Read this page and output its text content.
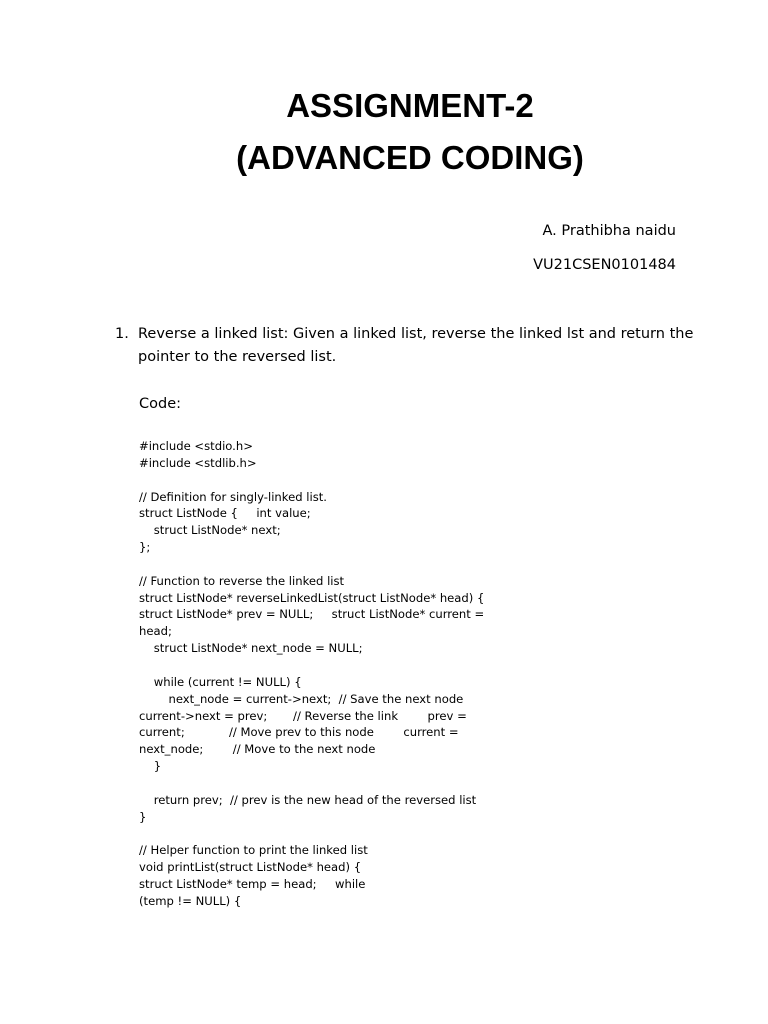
ASSIGNMENT-2
(ADVANCED CODING)
A. Prathibha naidu
VU21CSEN0101484
1. Reverse a linked list: Given a linked list, reverse the linked lst and return the pointer to the reversed list.
Code:
#include <stdio.h>
#include <stdlib.h>
// Definition for singly-linked list.
struct ListNode {     int value;
struct ListNode* next;
};
// Function to reverse the linked list
struct ListNode* reverseLinkedList(struct ListNode* head) {
struct ListNode* prev = NULL;     struct ListNode* current =
head;
struct ListNode* next_node = NULL;
while (current != NULL) {
next_node = current->next;  // Save the next node
current->next = prev;       // Reverse the link        prev =
current;            // Move prev to this node        current =
next_node;        // Move to the next node
}
return prev;  // prev is the new head of the reversed list
}
// Helper function to print the linked list
void printList(struct ListNode* head) {
struct ListNode* temp = head;     while
(temp != NULL) {
